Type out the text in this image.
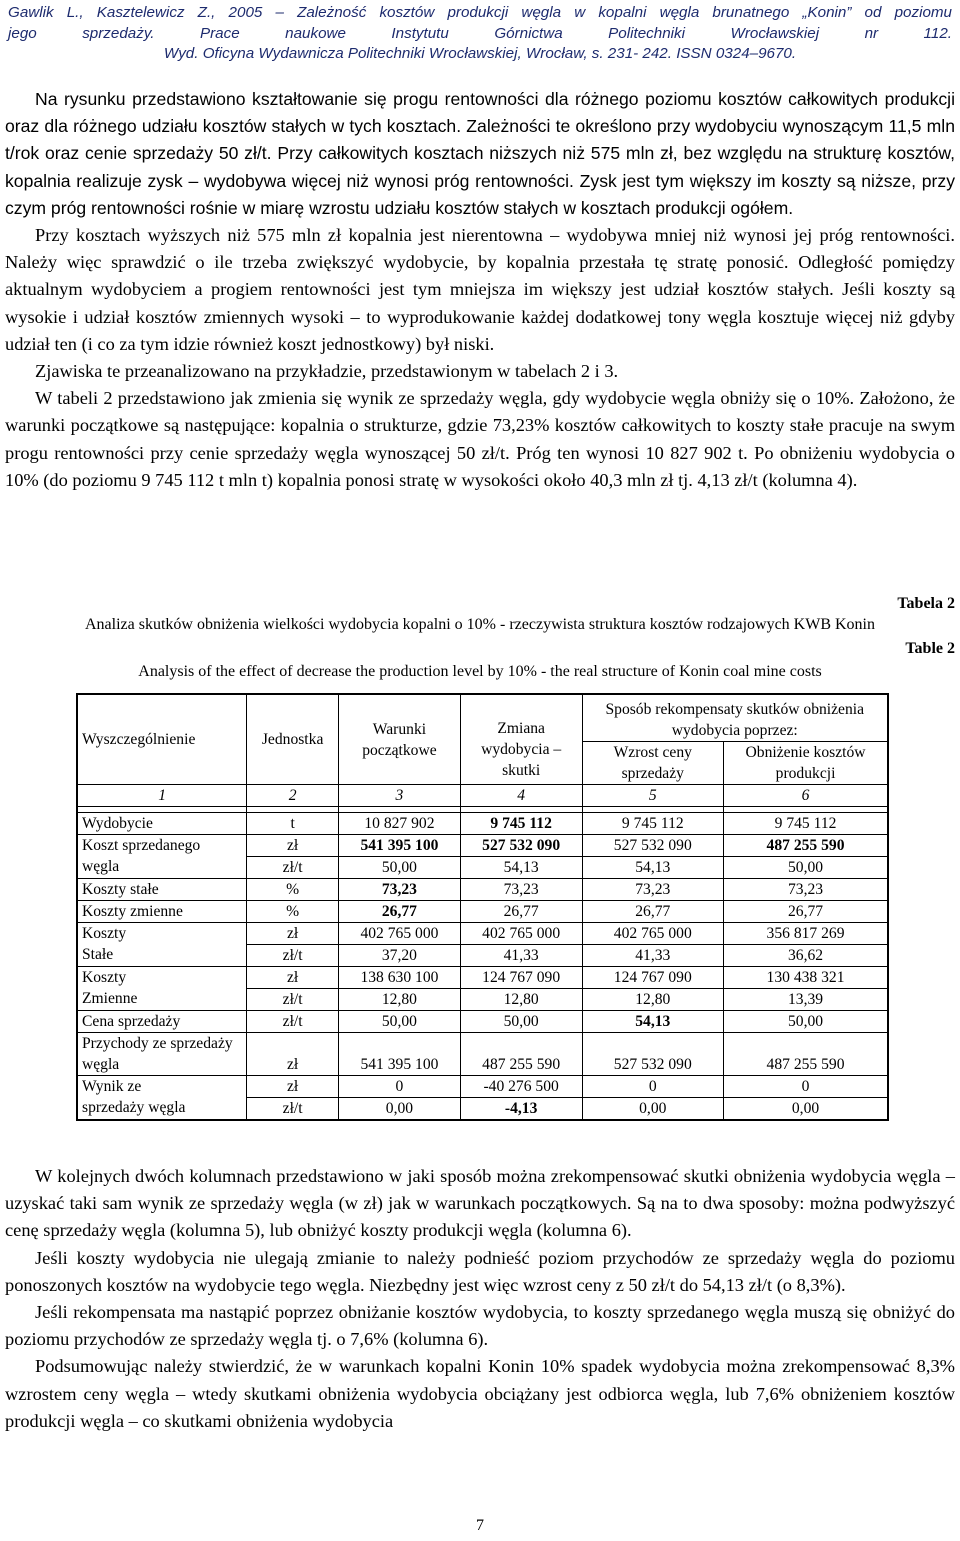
Gawlik L., Kasztelewicz Z., 2005 – Zależność kosztów produkcji węgla w kopalni węgla brunatnego „Konin” od poziomu
jego sprzedaży. Prace naukowe Instytutu Górnictwa Politechniki Wrocławskiej nr 112.
Wyd. Oficyna Wydawnicza Politechniki Wrocławskiej, Wrocław, s. 231- 242. ISSN 0324–9670.

Na rysunku przedstawiono kształtowanie się progu rentowności dla różnego poziomu kosztów całkowitych produkcji oraz dla różnego udziału kosztów stałych w tych kosztach. Zależności te określono przy wydobyciu wynoszącym 11,5 mln t/rok oraz cenie sprzedaży 50 zł/t. Przy całkowitych kosztach niższych niż 575 mln zł, bez względu na strukturę kosztów, kopalnia realizuje zysk – wydobywa więcej niż wynosi próg rentowności. Zysk jest tym większy im koszty są niższe, przy czym próg rentowności rośnie w miarę wzrostu udziału kosztów stałych w kosztach produkcji ogółem.

Przy kosztach wyższych niż 575 mln zł kopalnia jest nierentowna – wydobywa mniej niż wynosi jej próg rentowności. Należy więc sprawdzić o ile trzeba zwiększyć wydobycie, by kopalnia przestała tę stratę ponosić. Odległość pomiędzy aktualnym wydobyciem a progiem rentowności jest tym mniejsza im większy jest udział kosztów stałych. Jeśli koszty są wysokie i udział kosztów zmiennych wysoki – to wyprodukowanie każdej dodatkowej tony węgla kosztuje więcej niż gdyby udział ten (i co za tym idzie również koszt jednostkowy) był niski.

Zjawiska te przeanalizowano na przykładzie, przedstawionym w tabelach 2 i 3.

W tabeli 2 przedstawiono jak zmienia się wynik ze sprzedaży węgla, gdy wydobycie węgla obniży się o 10%. Założono, że warunki początkowe są następujące: kopalnia o strukturze, gdzie 73,23% kosztów całkowitych to koszty stałe pracuje na swym progu rentowności przy cenie sprzedaży węgla wynoszącej 50 zł/t. Próg ten wynosi 10 827 902 t. Po obniżeniu wydobycia o 10% (do poziomu 9 745 112 t mln t) kopalnia ponosi stratę w wysokości około 40,3 mln zł tj. 4,13 zł/t (kolumna 4).

Tabela 2
Analiza skutków obniżenia wielkości wydobycia kopalni o 10% - rzeczywista struktura kosztów rodzajowych KWB Konin
Table 2
Analysis of the effect of decrease the production level by 10% - the real structure of Konin coal mine costs
Wyszczególnienie	Jednostka	Warunki początkowe	Zmiana wydobycia – skutki	Sposób rekompensaty skutków obniżenia wydobycia poprzez:	
				Wzrost ceny sprzedaży	Obniżenie kosztów produkcji
1	2	3	4	5	6

Wydobycie	t	10 827 902	9 745 112	9 745 112	9 745 112
Koszt sprzedanego
węgla	zł	541 395 100	527 532 090	527 532 090	487 255 590
	zł/t	50,00	54,13	54,13	50,00
Koszty stałe	%	73,23	73,23	73,23	73,23
Koszty zmienne	%	26,77	26,77	26,77	26,77
Koszty
Stałe	zł	402 765 000	402 765 000	402 765 000	356 817 269
	zł/t	37,20	41,33	41,33	36,62
Koszty
Zmienne	zł	138 630 100	124 767 090	124 767 090	130 438 321
	zł/t	12,80	12,80	12,80	13,39
Cena sprzedaży	zł/t	50,00	50,00	54,13	50,00
Przychody ze sprzedaży węgla	zł	541 395 100	487 255 590	527 532 090	487 255 590
Wynik ze
sprzedaży węgla	zł	0	-40 276 500	0	0
	zł/t	0,00	-4,13	0,00	0,00

W kolejnych dwóch kolumnach przedstawiono w jaki sposób można zrekompensować skutki obniżenia wydobycia węgla – uzyskać taki sam wynik ze sprzedaży węgla (w zł) jak w warunkach początkowych. Są na to dwa sposoby: można podwyższyć cenę sprzedaży węgla (kolumna 5), lub obniżyć koszty produkcji węgla (kolumna 6).

Jeśli koszty wydobycia nie ulegają zmianie to należy podnieść poziom przychodów ze sprzedaży węgla do poziomu ponoszonych kosztów na wydobycie tego węgla. Niezbędny jest więc wzrost ceny z 50 zł/t do 54,13 zł/t (o 8,3%).

Jeśli rekompensata ma nastąpić poprzez obniżanie kosztów wydobycia, to koszty sprzedanego węgla muszą się obniżyć do poziomu przychodów ze sprzedaży węgla tj. o 7,6% (kolumna 6).

Podsumowując należy stwierdzić, że w warunkach kopalni Konin 10% spadek wydobycia można zrekompensować 8,3% wzrostem ceny węgla – wtedy skutkami obniżenia wydobycia obciążany jest odbiorca węgla, lub 7,6% obniżeniem kosztów produkcji węgla – co skutkami obniżenia wydobycia

7
